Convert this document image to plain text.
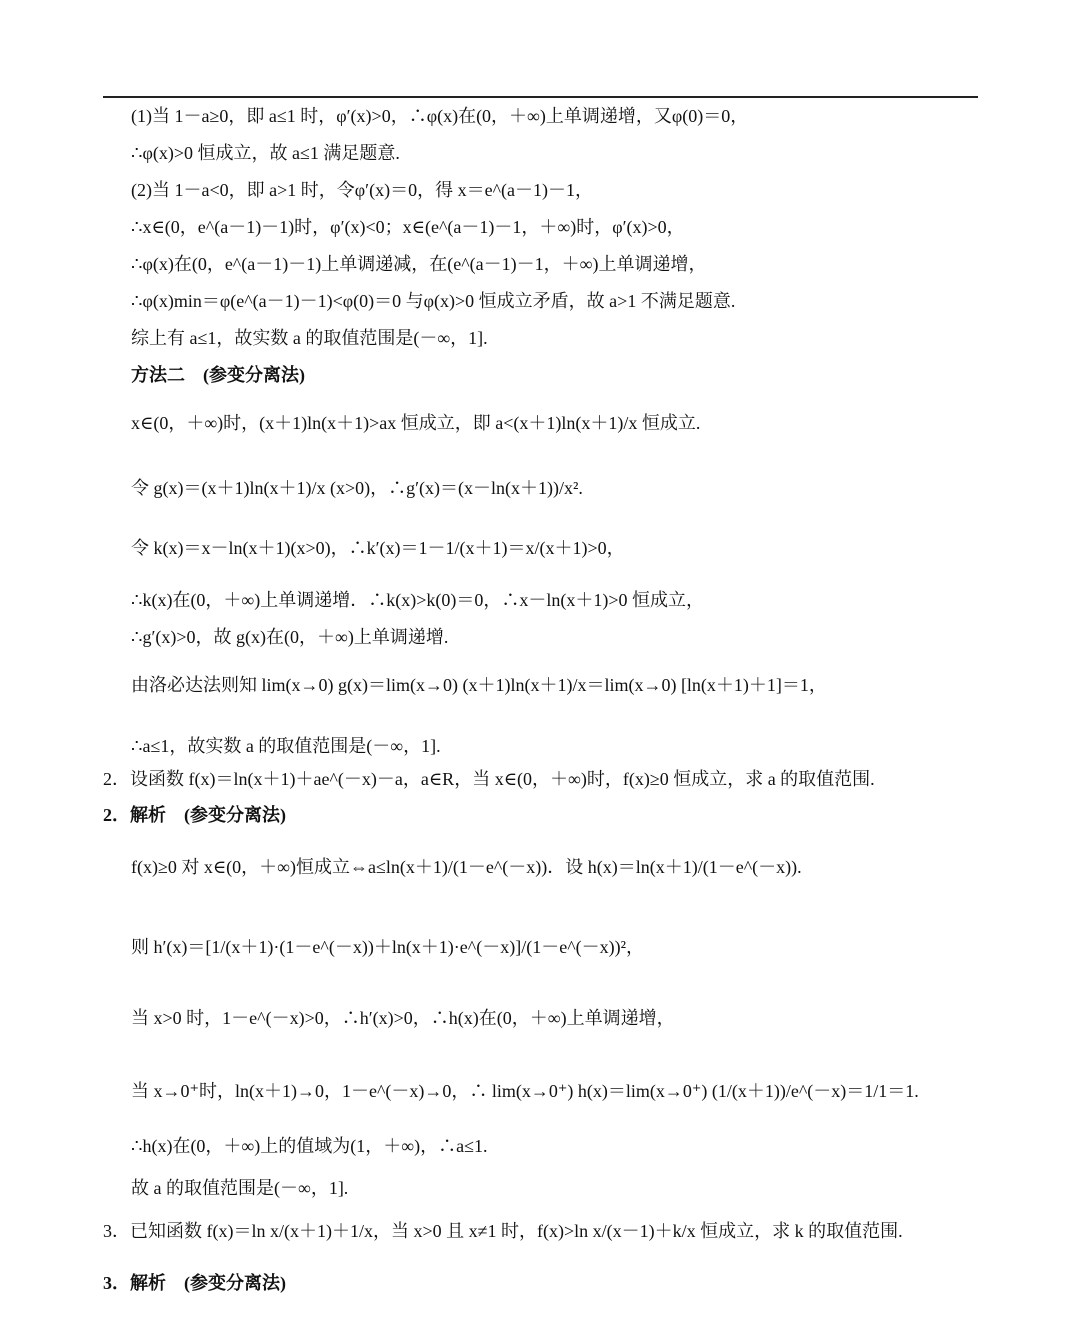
(1)当 1－a≥0，即 a≤1 时，φ′(x)>0，∴φ(x)在(0，＋∞)上单调递增，又φ(0)＝0，
∴φ(x)>0 恒成立，故 a≤1 满足题意.
(2)当 1－a<0，即 a>1 时，令φ′(x)＝0，得 x＝e^(a－1)－1，
∴x∈(0，e^(a－1)－1)时，φ′(x)<0；x∈(e^(a－1)－1，＋∞)时，φ′(x)>0，
∴φ(x)在(0，e^(a－1)－1)上单调递减，在(e^(a－1)－1，＋∞)上单调递增，
∴φ(x)min＝φ(e^(a－1)－1)<φ(0)＝0 与φ(x)>0 恒成立矛盾，故 a>1 不满足题意.
综上有 a≤1，故实数 a 的取值范围是(－∞，1].
方法二　(参变分离法)
x∈(0，＋∞)时，(x＋1)ln(x＋1)>ax 恒成立，即 a<(x＋1)ln(x＋1)/x 恒成立.
令 g(x)＝(x＋1)ln(x＋1)/x (x>0)，∴g′(x)＝(x－ln(x＋1))/x².
令 k(x)＝x－ln(x＋1)(x>0)，∴k′(x)＝1－1/(x＋1)＝x/(x＋1)>0，
∴k(x)在(0，＋∞)上单调递增．∴k(x)>k(0)＝0，∴x－ln(x＋1)>0 恒成立，
∴g′(x)>0，故 g(x)在(0，＋∞)上单调递增.
由洛必达法则知 lim(x→0) g(x)＝lim(x→0) (x＋1)ln(x＋1)/x＝lim(x→0) [ln(x＋1)＋1]＝1，
∴a≤1，故实数 a 的取值范围是(－∞，1].
2．设函数 f(x)＝ln(x＋1)＋ae^(－x)－a，a∈R，当 x∈(0，＋∞)时，f(x)≥0 恒成立，求 a 的取值范围.
2．解析　(参变分离法)
f(x)≥0 对 x∈(0，＋∞)恒成立⇔a≤ln(x＋1)/(1－e^(－x))．设 h(x)＝ln(x＋1)/(1－e^(－x)).
则 h′(x)＝[1/(x＋1)·(1－e^(－x))＋ln(x＋1)·e^(－x)]/(1－e^(－x))²，
当 x>0 时，1－e^(－x)>0，∴h′(x)>0，∴h(x)在(0，＋∞)上单调递增，
当 x→0⁺时，ln(x＋1)→0，1－e^(－x)→0，∴ lim(x→0⁺) h(x)＝lim(x→0⁺) (1/(x＋1))/e^(－x)＝1/1＝1.
∴h(x)在(0，＋∞)上的值域为(1，＋∞)，∴a≤1.
故 a 的取值范围是(－∞，1].
3．已知函数 f(x)＝ln x/(x＋1)＋1/x，当 x>0 且 x≠1 时，f(x)>ln x/(x－1)＋k/x 恒成立，求 k 的取值范围.
3．解析　(参变分离法)
